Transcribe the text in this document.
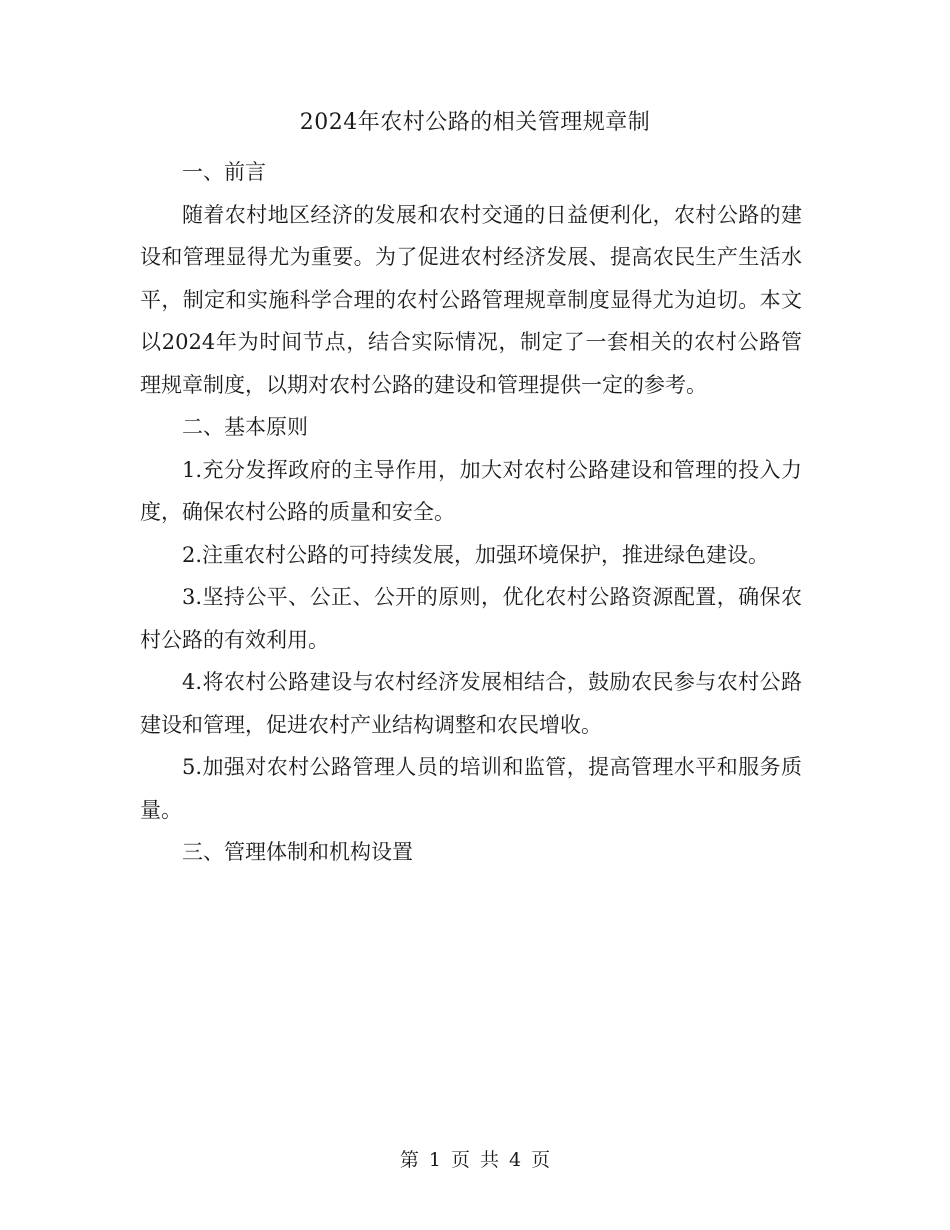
2024年农村公路的相关管理规章制

一、前言

随着农村地区经济的发展和农村交通的日益便利化，农村公路的建设和管理显得尤为重要。为了促进农村经济发展、提高农民生产生活水平，制定和实施科学合理的农村公路管理规章制度显得尤为迫切。本文以2024年为时间节点，结合实际情况，制定了一套相关的农村公路管理规章制度，以期对农村公路的建设和管理提供一定的参考。

二、基本原则

1.充分发挥政府的主导作用，加大对农村公路建设和管理的投入力度，确保农村公路的质量和安全。

2.注重农村公路的可持续发展，加强环境保护，推进绿色建设。

3.坚持公平、公正、公开的原则，优化农村公路资源配置，确保农村公路的有效利用。

4.将农村公路建设与农村经济发展相结合，鼓励农民参与农村公路建设和管理，促进农村产业结构调整和农民增收。

5.加强对农村公路管理人员的培训和监管，提高管理水平和服务质量。

三、管理体制和机构设置

第 1 页 共 4 页
